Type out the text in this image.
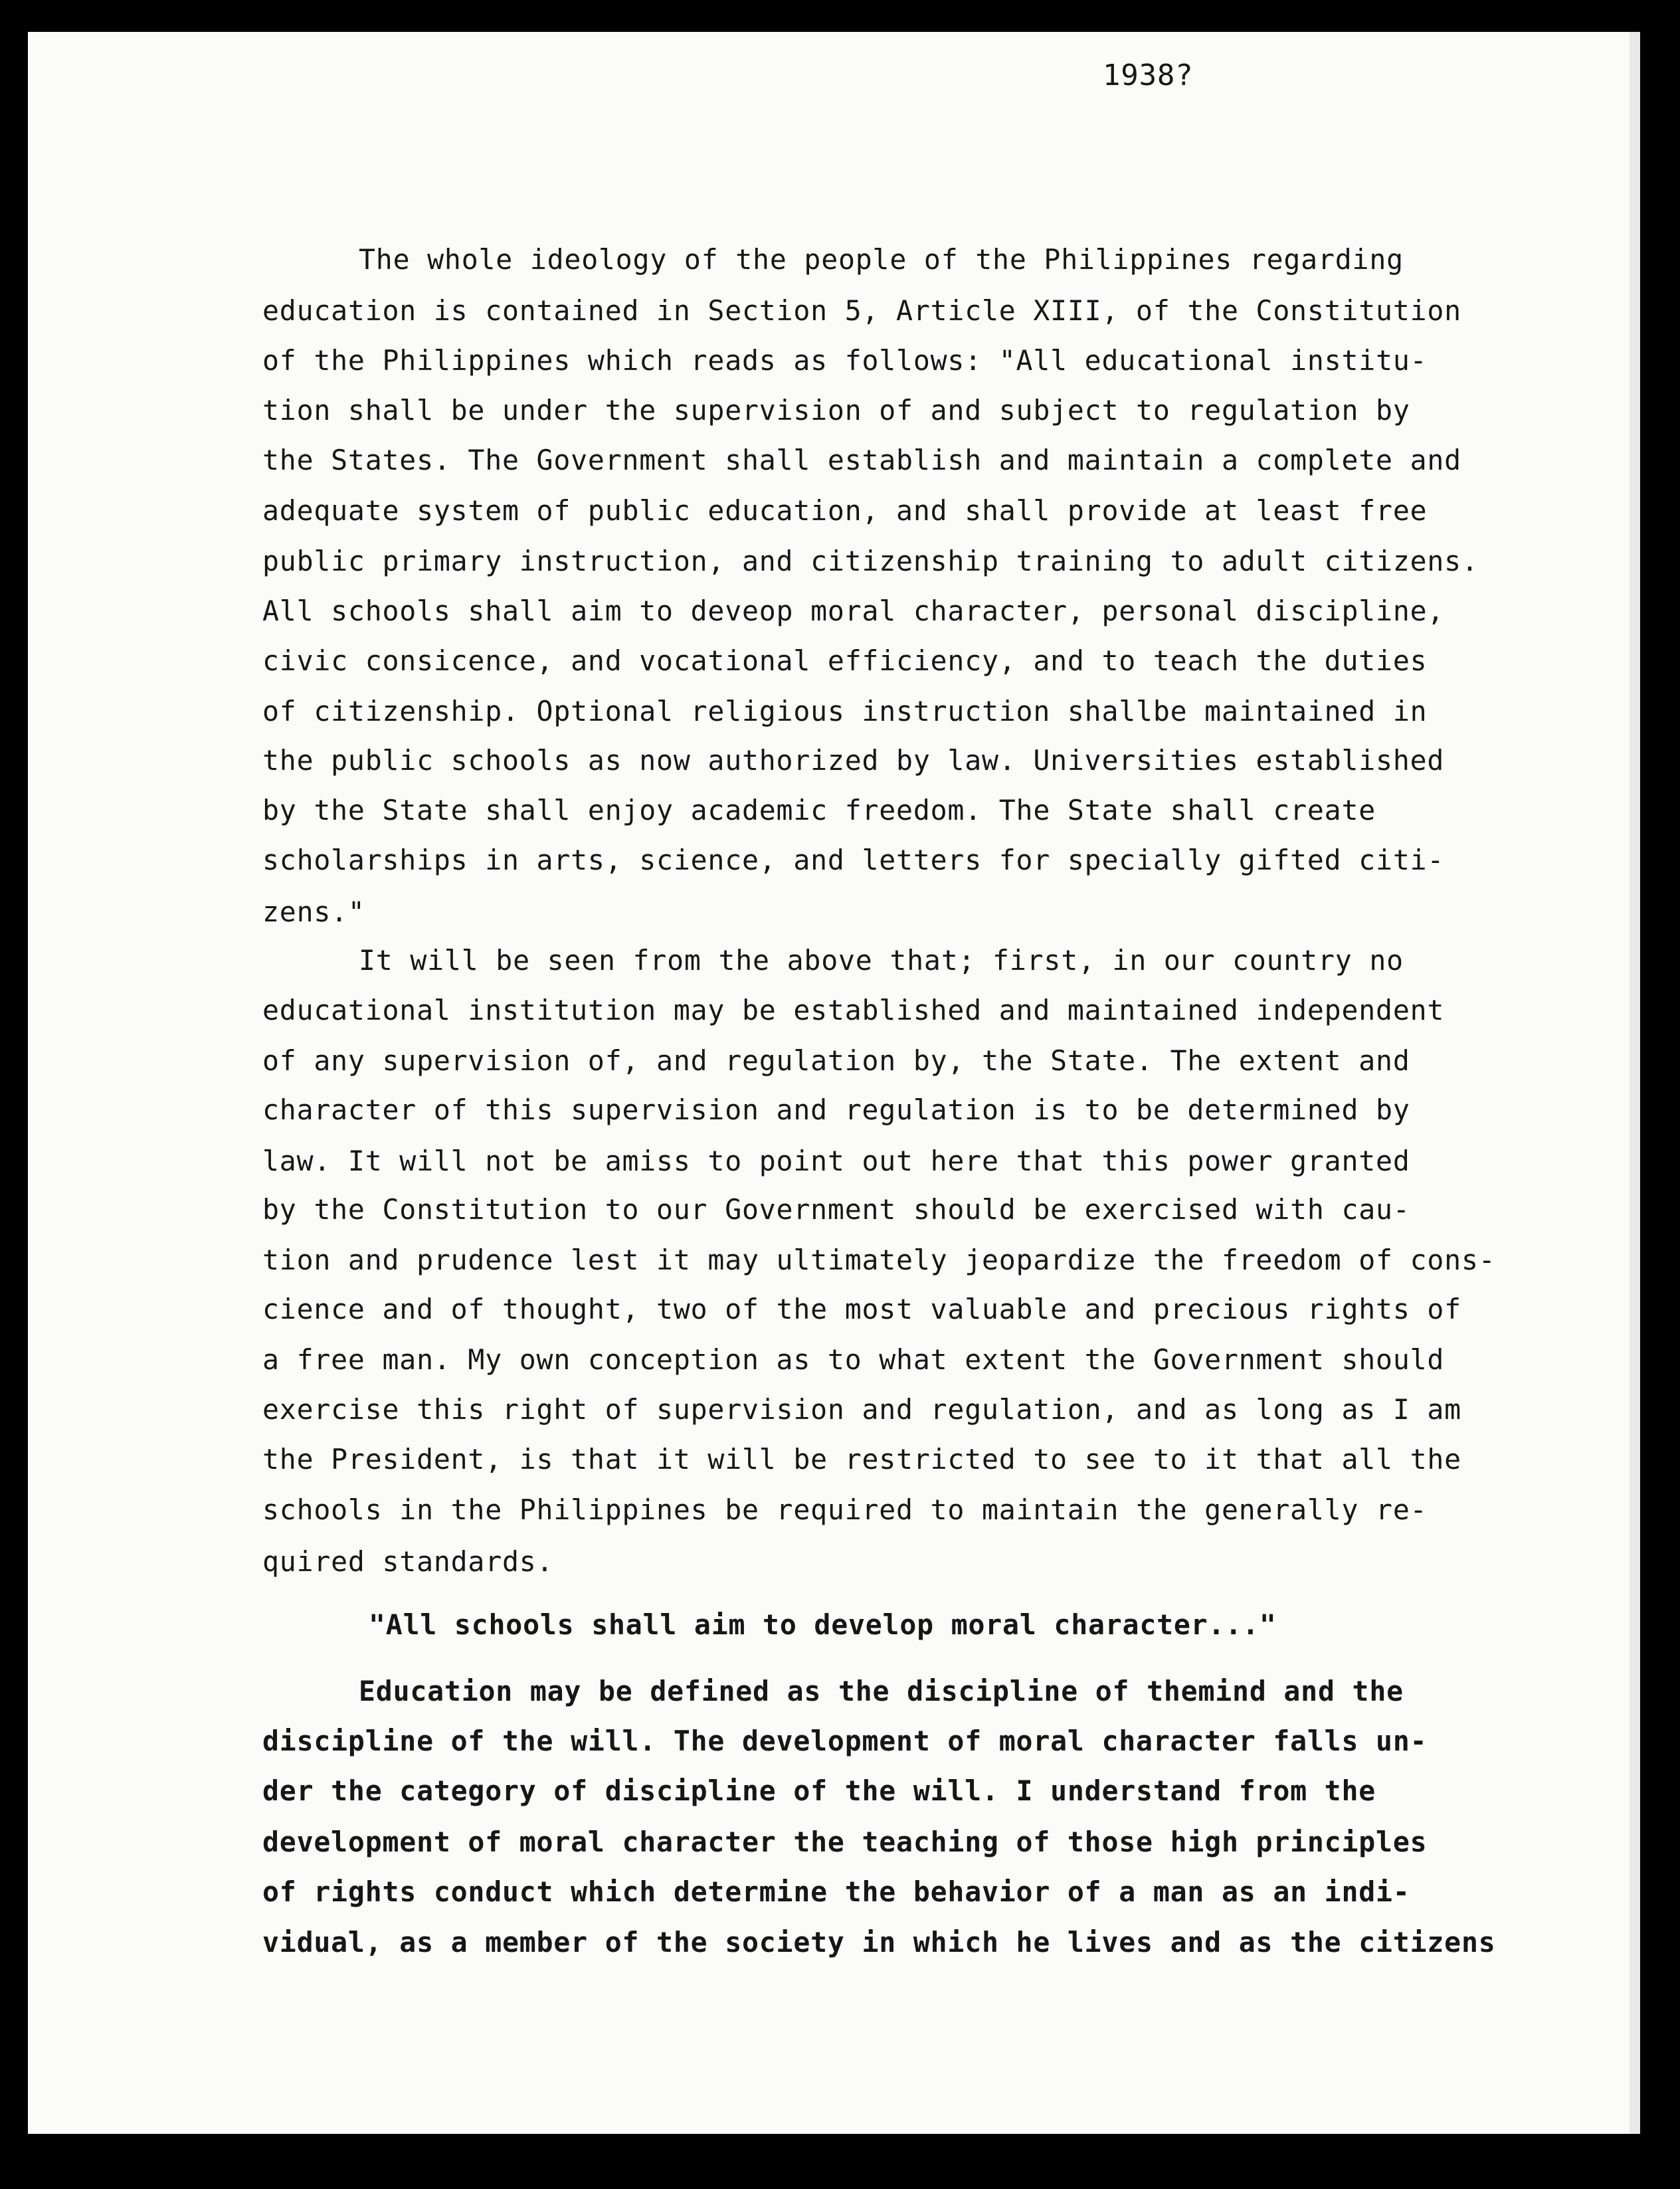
1938?
The whole ideology of the people of the Philippines regarding
education is contained in Section 5, Article XIII, of the Constitution
of the Philippines which reads as follows: "All educational institu-
tion shall be under the supervision of and subject to regulation by
the States. The Government shall establish and maintain a complete and
adequate system of public education, and shall provide at least free
public primary instruction, and citizenship training to adult citizens.
All schools shall aim to deveop moral character, personal discipline,
civic consicence, and vocational efficiency, and to teach the duties
of citizenship. Optional religious instruction shallbe maintained in
the public schools as now authorized by law. Universities established
by the State shall enjoy academic freedom. The State shall create
scholarships in arts, science, and letters for specially gifted citi-
zens."
It will be seen from the above that; first, in our country no
educational institution may be established and maintained independent
of any supervision of, and regulation by, the State. The extent and
character of this supervision and regulation is to be determined by
law. It will not be amiss to point out here that this power granted
by the Constitution to our Government should be exercised with cau-
tion and prudence lest it may ultimately jeopardize the freedom of cons-
cience and of thought, two of the most valuable and precious rights of
a free man. My own conception as to what extent the Government should
exercise this right of supervision and regulation, and as long as I am
the President, is that it will be restricted to see to it that all the
schools in the Philippines be required to maintain the generally re-
quired standards.
"All schools shall aim to develop moral character..."
Education may be defined as the discipline of themind and the
discipline of the will. The development of moral character falls un-
der the category of discipline of the will. I understand from the
development of moral character the teaching of those high principles
of rights conduct which determine the behavior of a man as an indi-
vidual, as a member of the society in which he lives and as the citizens
